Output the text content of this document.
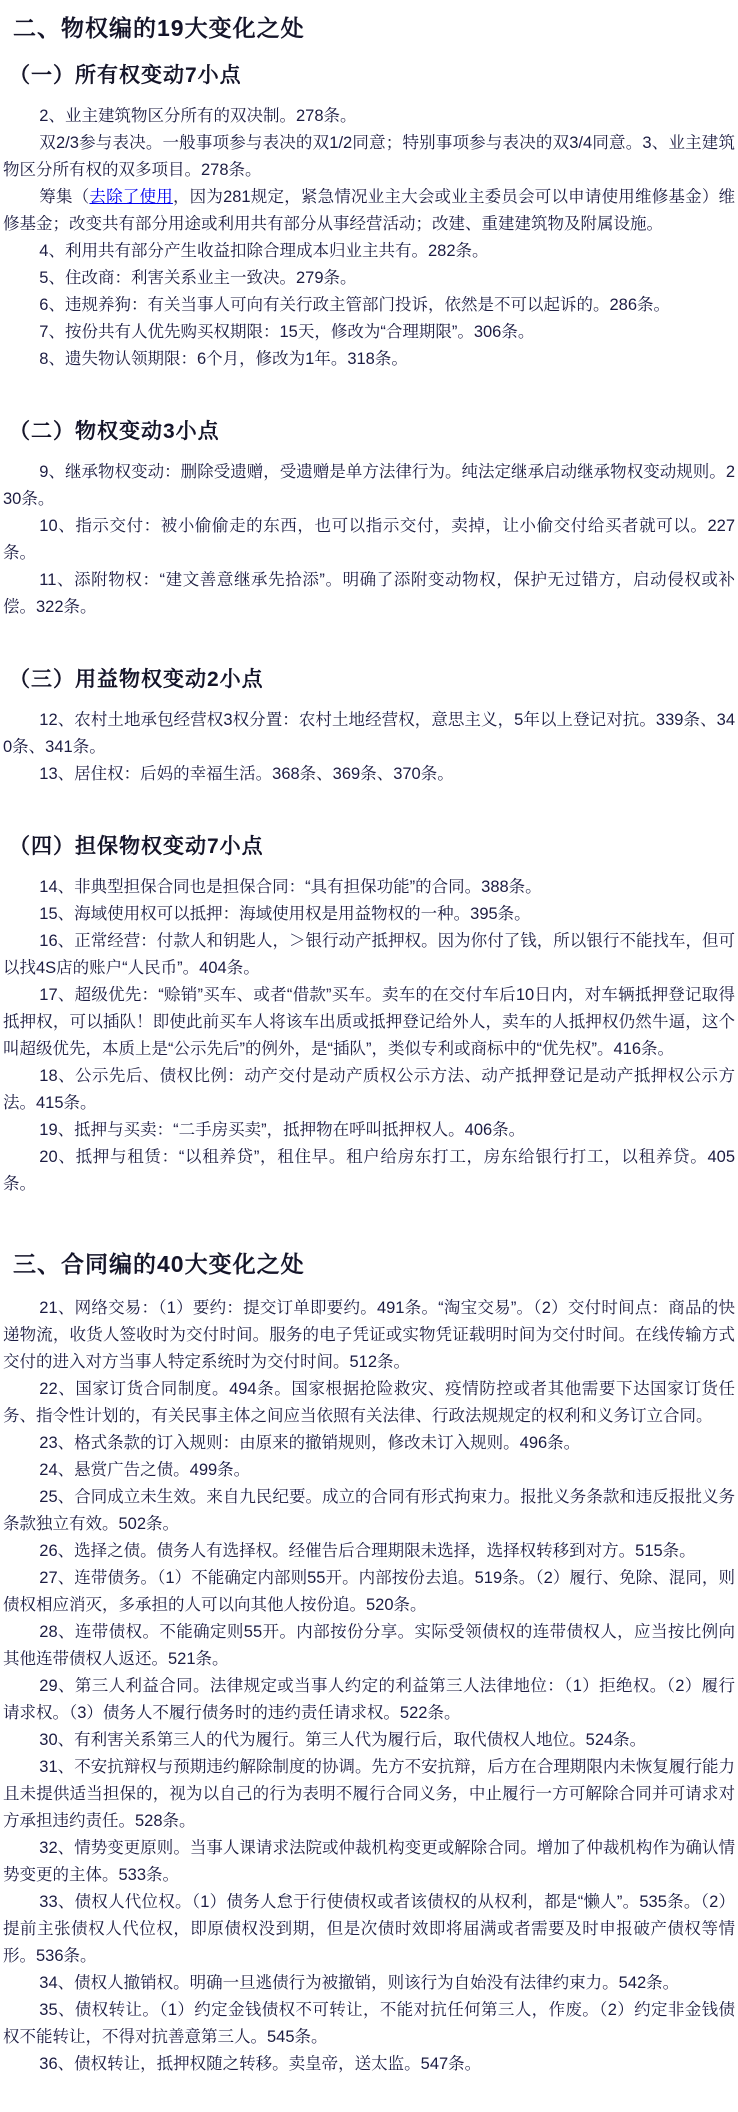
二、物权编的19大变化之处
（一）所有权变动7小点

2、业主建筑物区分所有的双决制。278条。

双2/3参与表决。一般事项参与表决的双1/2同意；特别事项参与表决的双3/4同意。3、业主建筑物区分所有权的双多项目。278条。

筹集（去除了使用，因为281规定，紧急情况业主大会或业主委员会可以申请使用维修基金）维修基金；改变共有部分用途或利用共有部分从事经营活动；改建、重建建筑物及附属设施。

4、利用共有部分产生收益扣除合理成本归业主共有。282条。

5、住改商：利害关系业主一致决。279条。

6、违规养狗：有关当事人可向有关行政主管部门投诉，依然是不可以起诉的。286条。

7、按份共有人优先购买权期限：15天，修改为“合理期限”。306条。

8、遗失物认领期限：6个月，修改为1年。318条。

（二）物权变动3小点

9、继承物权变动：删除受遗赠，受遗赠是单方法律行为。纯法定继承启动继承物权变动规则。230条。

10、指示交付：被小偷偷走的东西，也可以指示交付，卖掉，让小偷交付给买者就可以。227条。

11、添附物权：“建文善意继承先拾添”。明确了添附变动物权，保护无过错方，启动侵权或补偿。322条。

（三）用益物权变动2小点

12、农村土地承包经营权3权分置：农村土地经营权，意思主义，5年以上登记对抗。339条、340条、341条。

13、居住权：后妈的幸福生活。368条、369条、370条。

（四）担保物权变动7小点

14、非典型担保合同也是担保合同：“具有担保功能”的合同。388条。

15、海域使用权可以抵押：海域使用权是用益物权的一种。395条。

16、正常经营：付款人和钥匙人，＞银行动产抵押权。因为你付了钱，所以银行不能找车，但可以找4S店的账户“人民币”。404条。

17、超级优先：“赊销”买车、或者“借款”买车。卖车的在交付车后10日内，对车辆抵押登记取得抵押权，可以插队！即使此前买车人将该车出质或抵押登记给外人，卖车的人抵押权仍然牛逼，这个叫超级优先，本质上是“公示先后”的例外，是“插队”，类似专利或商标中的“优先权”。416条。

18、公示先后、债权比例：动产交付是动产质权公示方法、动产抵押登记是动产抵押权公示方法。415条。

19、抵押与买卖：“二手房买卖”，抵押物在呼叫抵押权人。406条。

20、抵押与租赁：“以租养贷”，租住早。租户给房东打工，房东给银行打工，以租养贷。405条。

三、合同编的40大变化之处

21、网络交易：（1）要约：提交订单即要约。491条。“淘宝交易”。（2）交付时间点：商品的快递物流，收货人签收时为交付时间。服务的电子凭证或实物凭证载明时间为交付时间。在线传输方式交付的进入对方当事人特定系统时为交付时间。512条。

22、国家订货合同制度。494条。国家根据抢险救灾、疫情防控或者其他需要下达国家订货任务、指令性计划的，有关民事主体之间应当依照有关法律、行政法规规定的权利和义务订立合同。

23、格式条款的订入规则：由原来的撤销规则，修改未订入规则。496条。

24、悬赏广告之债。499条。

25、合同成立未生效。来自九民纪要。成立的合同有形式拘束力。报批义务条款和违反报批义务条款独立有效。502条。

26、选择之债。债务人有选择权。经催告后合理期限未选择，选择权转移到对方。515条。

27、连带债务。（1）不能确定内部则55开。内部按份去追。519条。（2）履行、免除、混同，则债权相应消灭，多承担的人可以向其他人按份追。520条。

28、连带债权。不能确定则55开。内部按份分享。实际受领债权的连带债权人，应当按比例向其他连带债权人返还。521条。

29、第三人利益合同。法律规定或当事人约定的利益第三人法律地位：（1）拒绝权。（2）履行请求权。（3）债务人不履行债务时的违约责任请求权。522条。

30、有利害关系第三人的代为履行。第三人代为履行后，取代债权人地位。524条。

31、不安抗辩权与预期违约解除制度的协调。先方不安抗辩，后方在合理期限内未恢复履行能力且未提供适当担保的，视为以自己的行为表明不履行合同义务，中止履行一方可解除合同并可请求对方承担违约责任。528条。

32、情势变更原则。当事人课请求法院或仲裁机构变更或解除合同。增加了仲裁机构作为确认情势变更的主体。533条。

33、债权人代位权。（1）债务人怠于行使债权或者该债权的从权利，都是“懒人”。535条。（2）提前主张债权人代位权，即原债权没到期，但是次债时效即将届满或者需要及时申报破产债权等情形。536条。

34、债权人撤销权。明确一旦逃债行为被撤销，则该行为自始没有法律约束力。542条。

35、债权转让。（1）约定金钱债权不可转让，不能对抗任何第三人，作废。（2）约定非金钱债权不能转让，不得对抗善意第三人。545条。

36、债权转让，抵押权随之转移。卖皇帝，送太监。547条。
